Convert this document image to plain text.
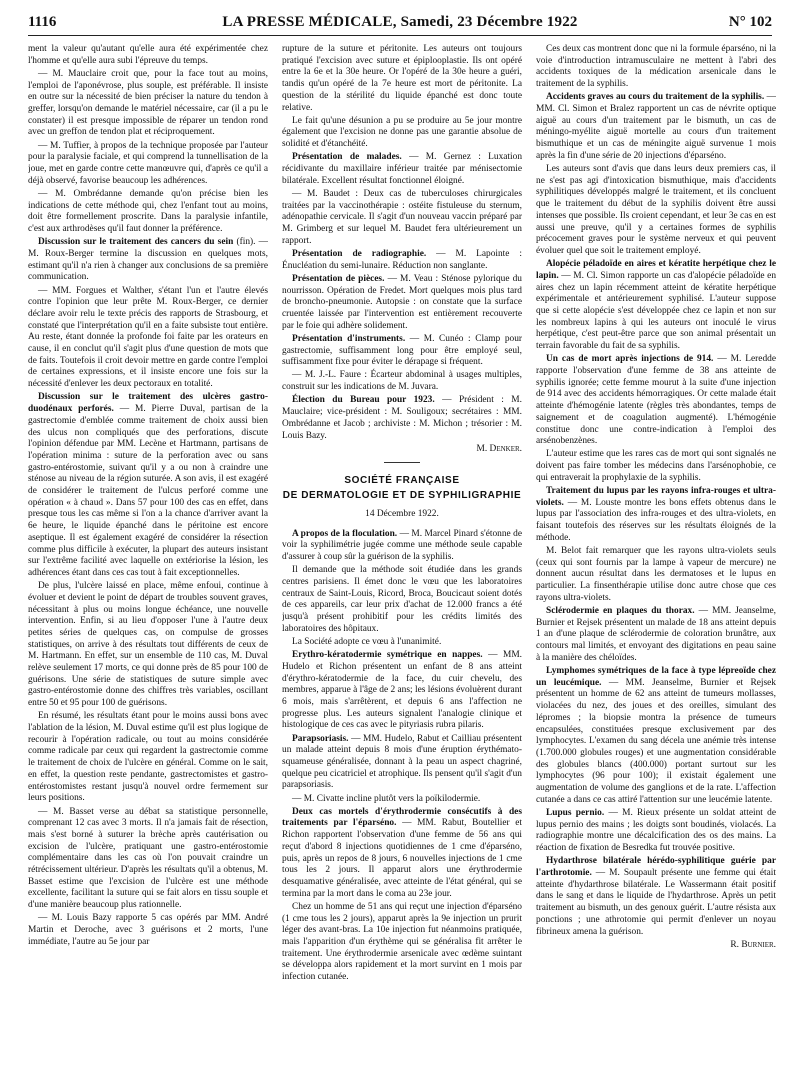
1116	LA PRESSE MÉDICALE, Samedi, 23 Décembre 1922	N° 102

ment la valeur qu'autant qu'elle aura été expérimentée chez l'homme et qu'elle aura subi l'épreuve du temps.

— M. Mauclaire croit que, pour la face tout au moins, l'emploi de l'aponévrose, plus souple, est préférable. Il insiste en outre sur la nécessité de bien préciser la nature du tendon à greffer, lorsqu'on demande le matériel nécessaire, car (il a pu le constater) il est presque impossible de réparer un tendon rond avec un greffon de tendon plat et réciproquement.

— M. Tuffier, à propos de la technique proposée par l'auteur pour la paralysie faciale, et qui comprend la tunnellisation de la joue, met en garde contre cette manœuvre qui, d'après ce qu'il a déjà observé, favorise beaucoup les adhérences.

— M. Ombrédanne demande qu'on précise bien les indications de cette méthode qui, chez l'enfant tout au moins, doit être formellement proscrite. Dans la paralysie infantile, c'est aux arthrodèses qu'il faut donner la préférence.

Discussion sur le traitement des cancers du sein (fin). — M. Roux-Berger termine la discussion en quelques mots, estimant qu'il n'a rien à changer aux conclusions de sa première communication.

— MM. Forgues et Walther, s'étant l'un et l'autre élevés contre l'opinion que leur prête M. Roux-Berger, ce dernier déclare avoir relu le texte précis des rapports de Strasbourg, et constaté que l'interprétation qu'il en a faite subsiste tout entière. Au reste, étant donnée la profonde foi faite par les orateurs en cause, il en conclut qu'il s'agit plus d'une question de mots que de faits. Toutefois il croit devoir mettre en garde contre l'emploi de certaines expressions, et il insiste encore une fois sur la nécessité d'enlever les deux pectoraux en totalité.

Discussion sur le traitement des ulcères gastro-duodénaux perforés. — M. Pierre Duval, partisan de la gastrectomie d'emblée comme traitement de choix aussi bien des ulcus non compliqués que des perforations, discute l'opinion défendue par MM. Lecène et Hartmann, partisans de l'opération minima : suture de la perforation avec ou sans gastro-entérostomie, suivant qu'il y a ou non à craindre une sténose au niveau de la région suturée. A son avis, il est exagéré de considérer le traitement de l'ulcus perforé comme une opération « à chaud ». Dans 57 pour 100 des cas en effet, dans presque tous les cas même si l'on a la chance d'arriver avant la 6e heure, le liquide épanché dans le péritoine est encore aseptique. Il est également exagéré de considérer la résection comme plus difficile à exécuter, la plupart des auteurs insistant sur l'extrême facilité avec laquelle on extériorise la lésion, les adhérences étant dans ces cas tout à fait exceptionnelles.

De plus, l'ulcère laissé en place, même enfoui, continue à évoluer et devient le point de départ de troubles souvent graves, nécessitant à plus ou moins longue échéance, une nouvelle intervention. Enfin, si au lieu d'opposer l'une à l'autre deux petites séries de quelques cas, on compulse de grosses statistiques, on arrive à des résultats tout différents de ceux de M. Hartmann. En effet, sur un ensemble de 110 cas, M. Duval relève seulement 17 morts, ce qui donne près de 85 pour 100 de guérisons. Une série de statistiques de suture simple avec gastro-entérostomie donne des chiffres très variables, oscillant entre 50 et 95 pour 100 de guérisons.

En résumé, les résultats étant pour le moins aussi bons avec l'ablation de la lésion, M. Duval estime qu'il est plus logique de recourir à l'opération radicale, ou tout au moins considérée comme radicale par ceux qui regardent la gastrectomie comme le traitement de choix de l'ulcère en général. Comme on le sait, en effet, la question reste pendante, gastrectomistes et gastro-entérostomistes restant jusqu'à nouvel ordre fermement sur leurs positions.

— M. Basset verse au débat sa statistique personnelle, comprenant 12 cas avec 3 morts. Il n'a jamais fait de résection, mais s'est borné à suturer la brèche après cautérisation ou excision de l'ulcère, pratiquant une gastro-entérostomie complémentaire dans les cas où l'on pouvait craindre un rétrécissement ultérieur. D'après les résultats qu'il a obtenus, M. Basset estime que l'excision de l'ulcère est une méthode excellente, facilitant la suture qui se fait alors en tissu souple et d'une manière beaucoup plus rationnelle.

— M. Louis Bazy rapporte 5 cas opérés par MM. André Martin et Deroche, avec 3 guérisons et 2 morts, l'une immédiate, l'autre au 5e jour par

rupture de la suture et péritonite. Les auteurs ont toujours pratiqué l'excision avec suture et épiplooplastie. Ils ont opéré entre la 6e et la 30e heure. Or l'opéré de la 30e heure a guéri, tandis qu'un opéré de la 7e heure est mort de péritonite. La question de la stérilité du liquide épanché est donc toute relative.

Le fait qu'une désunion a pu se produire au 5e jour montre également que l'excision ne donne pas une garantie absolue de solidité et d'étanchéité.

Présentation de malades. — M. Gernez : Luxation récidivante du maxillaire inférieur traitée par ménisectomie bilatérale. Excellent résultat fonctionnel éloigné.

— M. Baudet : Deux cas de tuberculoses chirurgicales traitées par la vaccinothérapie : ostéite fistuleuse du sternum, adénopathie cervicale. Il s'agit d'un nouveau vaccin préparé par M. Grimberg et sur lequel M. Baudet fera ultérieurement un rapport.

Présentation de radiographie. — M. Lapointe : Énucléation du semi-lunaire. Réduction non sanglante.

Présentation de pièces. — M. Veau : Sténose pylorique du nourrisson. Opération de Fredet. Mort quelques mois plus tard de broncho-pneumonie. Autopsie : on constate que la surface cruentée laissée par l'intervention est entièrement recouverte par le foie qui adhère solidement.

Présentation d'instruments. — M. Cunéo : Clamp pour gastrectomie, suffisamment long pour être employé seul, suffisamment fixe pour éviter le dérapage si fréquent.

— M. J.-L. Faure : Écarteur abdominal à usages multiples, construit sur les indications de M. Juvara.

Élection du Bureau pour 1923. — Président : M. Mauclaire; vice-président : M. Souligoux; secrétaires : MM. Ombrédanne et Jacob ; archiviste : M. Michon ; trésorier : M. Louis Bazy.

M. Denker.

SOCIÉTÉ FRANÇAISE
DE DERMATOLOGIE ET DE SYPHILIGRAPHIE

14 Décembre 1922.

A propos de la floculation. — M. Marcel Pinard s'étonne de voir la syphilimétrie jugée comme une méthode seule capable d'assurer à coup sûr la guérison de la syphilis.

Il demande que la méthode soit étudiée dans les grands centres parisiens. Il émet donc le vœu que les laboratoires centraux de Saint-Louis, Ricord, Broca, Boucicaut soient dotés de ces appareils, car leur prix d'achat de 12.000 francs a été jusqu'à présent prohibitif pour les crédits limités des laboratoires des hôpitaux.

La Société adopte ce vœu à l'unanimité.

Erythro-kératodermie symétrique en nappes. — MM. Hudelo et Richon présentent un enfant de 8 ans atteint d'érythro-kératodermie de la face, du cuir chevelu, des membres, apparue à l'âge de 2 ans; les lésions évoluèrent durant 6 mois, mais s'arrêtèrent, et depuis 6 ans l'affection ne progresse plus. Les auteurs signalent l'analogie clinique et histologique de ces cas avec le pityriasis rubra pilaris.

Parapsoriasis. — MM. Hudelo, Rabut et Cailliau présentent un malade atteint depuis 8 mois d'une éruption érythémato-squameuse généralisée, donnant à la peau un aspect chagriné, quelque peu cicatriciel et atrophique. Ils pensent qu'il s'agit d'un parapsoriasis.

— M. Civatte incline plutôt vers la poïkilodermie.

Deux cas mortels d'érythrodermie consécutifs à des traitements par l'éparséno. — MM. Rabut, Boutellier et Richon rapportent l'observation d'une femme de 56 ans qui reçut d'abord 8 injections quotidiennes de 1 cme d'éparséno, puis, après un repos de 8 jours, 6 nouvelles injections de 1 cme tous les 2 jours. Il apparut alors une érythrodermie desquamative généralisée, avec atteinte de l'état général, qui se termina par la mort dans le coma au 23e jour.

Chez un homme de 51 ans qui reçut une injection d'éparséno (1 cme tous les 2 jours), apparut après la 9e injection un prurit léger des avant-bras. La 10e injection fut néanmoins pratiquée, mais l'apparition d'un érythème qui se généralisa fit arrêter le traitement. Une érythrodermie arsenicale avec œdème suintant se développa alors rapidement et la mort survint en 1 mois par infection cutanée.

Ces deux cas montrent donc que ni la formule éparséno, ni la voie d'introduction intramusculaire ne mettent à l'abri des accidents toxiques de la médication arsenicale dans le traitement de la syphilis.

Accidents graves au cours du traitement de la syphilis. — MM. Cl. Simon et Bralez rapportent un cas de névrite optique aiguë au cours d'un traitement par le bismuth, un cas de méningo-myélite aiguë mortelle au cours d'un traitement bismuthique et un cas de méningite aiguë survenue 1 mois après la fin d'une série de 20 injections d'éparséno.

Les auteurs sont d'avis que dans leurs deux premiers cas, il ne s'est pas agi d'intoxication bismuthique, mais d'accidents syphilitiques développés malgré le traitement, et ils concluent que le traitement du début de la syphilis doivent être aussi intenses que possible. Ils croient cependant, et leur 3e cas en est aussi une preuve, qu'il y a certaines formes de syphilis précocement graves pour le système nerveux et qui peuvent évoluer quel que soit le traitement employé.

Alopécie péladoïde en aires et kératite herpétique chez le lapin. — M. Cl. Simon rapporte un cas d'alopécie péladoïde en aires chez un lapin récemment atteint de kératite herpétique expérimentale et antérieurement syphilisé. L'auteur suppose que si cette alopécie s'est développée chez ce lapin et non sur les nombreux lapins à qui les auteurs ont inoculé le virus herpétique, c'est peut-être parce que son animal présentait un terrain favorable du fait de sa syphilis.

Un cas de mort après injections de 914. — M. Leredde rapporte l'observation d'une femme de 38 ans atteinte de syphilis ignorée; cette femme mourut à la suite d'une injection de 914 avec des accidents hémorragiques. Or cette malade était atteinte d'hémogénie latente (règles très abondantes, temps de saignement et de coagulation augmenté). L'hémogénie constitue donc une contre-indication à l'emploi des arsénobenzènes.

L'auteur estime que les rares cas de mort qui sont signalés ne doivent pas faire tomber les médecins dans l'arsénophobie, ce qui entraverait la prophylaxie de la syphilis.

Traitement du lupus par les rayons infra-rouges et ultra-violets. — M. Louste montre les bons effets obtenus dans le lupus par l'association des infra-rouges et des ultra-violets, en faisant toutefois des réserves sur les résultats éloignés de la méthode.

M. Belot fait remarquer que les rayons ultra-violets seuls (ceux qui sont fournis par la lampe à vapeur de mercure) ne donnent aucun résultat dans les dermatoses et le lupus en particulier. La finsenthérapie utilise donc autre chose que ces rayons ultra-violets.

Sclérodermie en plaques du thorax. — MM. Jeanselme, Burnier et Rejsek présentent un malade de 18 ans atteint depuis 1 an d'une plaque de sclérodermie de coloration brunâtre, aux contours mal limités, et envoyant des digitations en peau saine à la manière des chéloïdes.

Lymphomes symétriques de la face à type lépreoïde chez un leucémique. — MM. Jeanselme, Burnier et Rejsek présentent un homme de 62 ans atteint de tumeurs mollasses, violacées du nez, des joues et des oreilles, simulant des lépromes ; la biopsie montra la présence de tumeurs encapsulées, constituées presque exclusivement par des lymphocytes. L'examen du sang décela une anémie très intense (1.700.000 globules rouges) et une augmentation considérable des globules blancs (400.000) portant surtout sur les lymphocytes (96 pour 100); il existait également une augmentation de volume des ganglions et de la rate. L'affection cutanée a dans ce cas attiré l'attention sur une leucémie latente.

Lupus pernio. — M. Rieux présente un soldat atteint de lupus pernio des mains ; les doigts sont boudinés, violacés. La radiographie montre une décalcification des os des mains. La réaction de fixation de Besredka fut trouvée positive.

Hydarthrose bilatérale hérédo-syphilitique guérie par l'arthrotomie. — M. Soupault présente une femme qui était atteinte d'hydarthrose bilatérale. Le Wassermann était positif dans le sang et dans le liquide de l'hydarthrose. Après un petit traitement au bismuth, un des genoux guérit. L'autre résista aux ponctions ; une athrotomie qui permit d'enlever un noyau fibrineux amena la guérison.

R. Burnier.
